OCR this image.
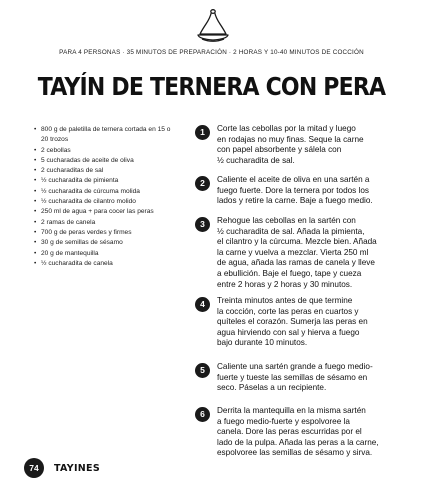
PARA 4 PERSONAS · 35 MINUTOS DE PREPARACIÓN · 2 HORAS Y 10-40 MINUTOS DE COCCIÓN
TAYÍN DE TERNERA CON PERA
• 800 g de paletilla de ternera cortada en 15 o 20 trozos
• 2 cebollas
• 5 cucharadas de aceite de oliva
• 2 cucharaditas de sal
• ½ cucharadita de pimienta
• ½ cucharadita de cúrcuma molida
• ½ cucharadita de cilantro molido
• 250 ml de agua + para cocer las peras
• 2 ramas de canela
• 700 g de peras verdes y firmes
• 30 g de semillas de sésamo
• 20 g de mantequilla
• ½ cucharadita de canela
1	Corte las cebollas por la mitad y luego
en rodajas no muy finas. Seque la carne
con papel absorbente y sálela con
½ cucharadita de sal.
2	Caliente el aceite de oliva en una sartén a
fuego fuerte. Dore la ternera por todos los
lados y retire la carne. Baje a fuego medio.
3	Rehogue las cebollas en la sartén con
½ cucharadita de sal. Añada la pimienta,
el cilantro y la cúrcuma. Mezcle bien. Añada
la carne y vuelva a mezclar. Vierta 250 ml
de agua, añada las ramas de canela y lleve
a ebullición. Baje el fuego, tape y cueza
entre 2 horas y 2 horas y 30 minutos.
4	Treinta minutos antes de que termine
la cocción, corte las peras en cuartos y
quíteles el corazón. Sumerja las peras en
agua hirviendo con sal y hierva a fuego
bajo durante 10 minutos.
5	Caliente una sartén grande a fuego medio-
fuerte y tueste las semillas de sésamo en
seco. Páselas a un recipiente.
6	Derrita la mantequilla en la misma sartén
a fuego medio-fuerte y espolvoree la
canela. Dore las peras escurridas por el
lado de la pulpa. Añada las peras a la carne,
espolvoree las semillas de sésamo y sirva.
74	TAYINES
